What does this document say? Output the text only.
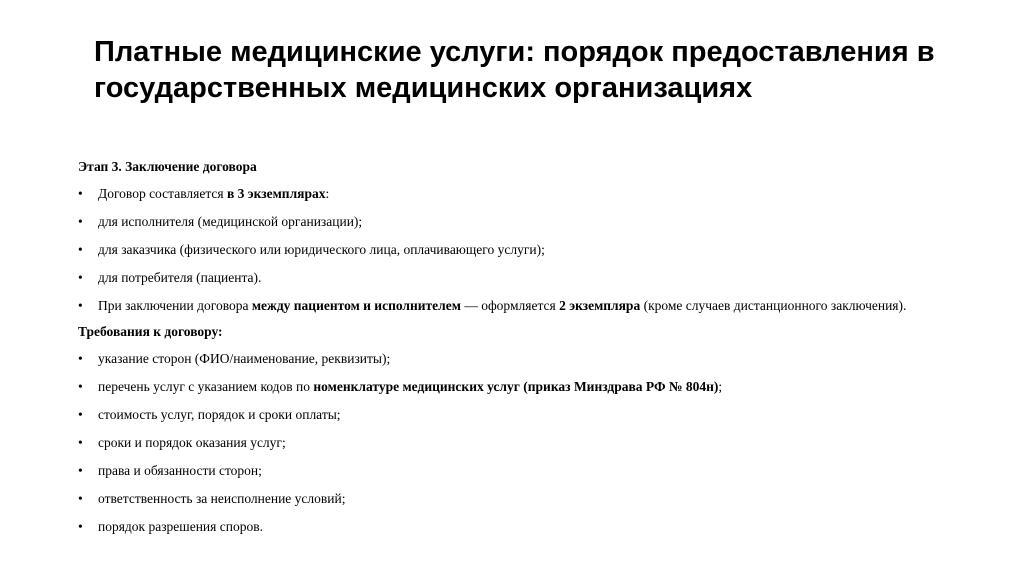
Платные медицинские услуги: порядок предоставления в государственных медицинских организациях
Этап 3. Заключение договора
• Договор составляется в 3 экземплярах:
• для исполнителя (медицинской организации);
• для заказчика (физического или юридического лица, оплачивающего услуги);
• для потребителя (пациента).
• При заключении договора между пациентом и исполнителем — оформляется 2 экземпляра (кроме случаев дистанционного заключения).
Требования к договору:
• указание сторон (ФИО/наименование, реквизиты);
• перечень услуг с указанием кодов по номенклатуре медицинских услуг (приказ Минздрава РФ № 804н);
• стоимость услуг, порядок и сроки оплаты;
• сроки и порядок оказания услуг;
• права и обязанности сторон;
• ответственность за неисполнение условий;
• порядок разрешения споров.
